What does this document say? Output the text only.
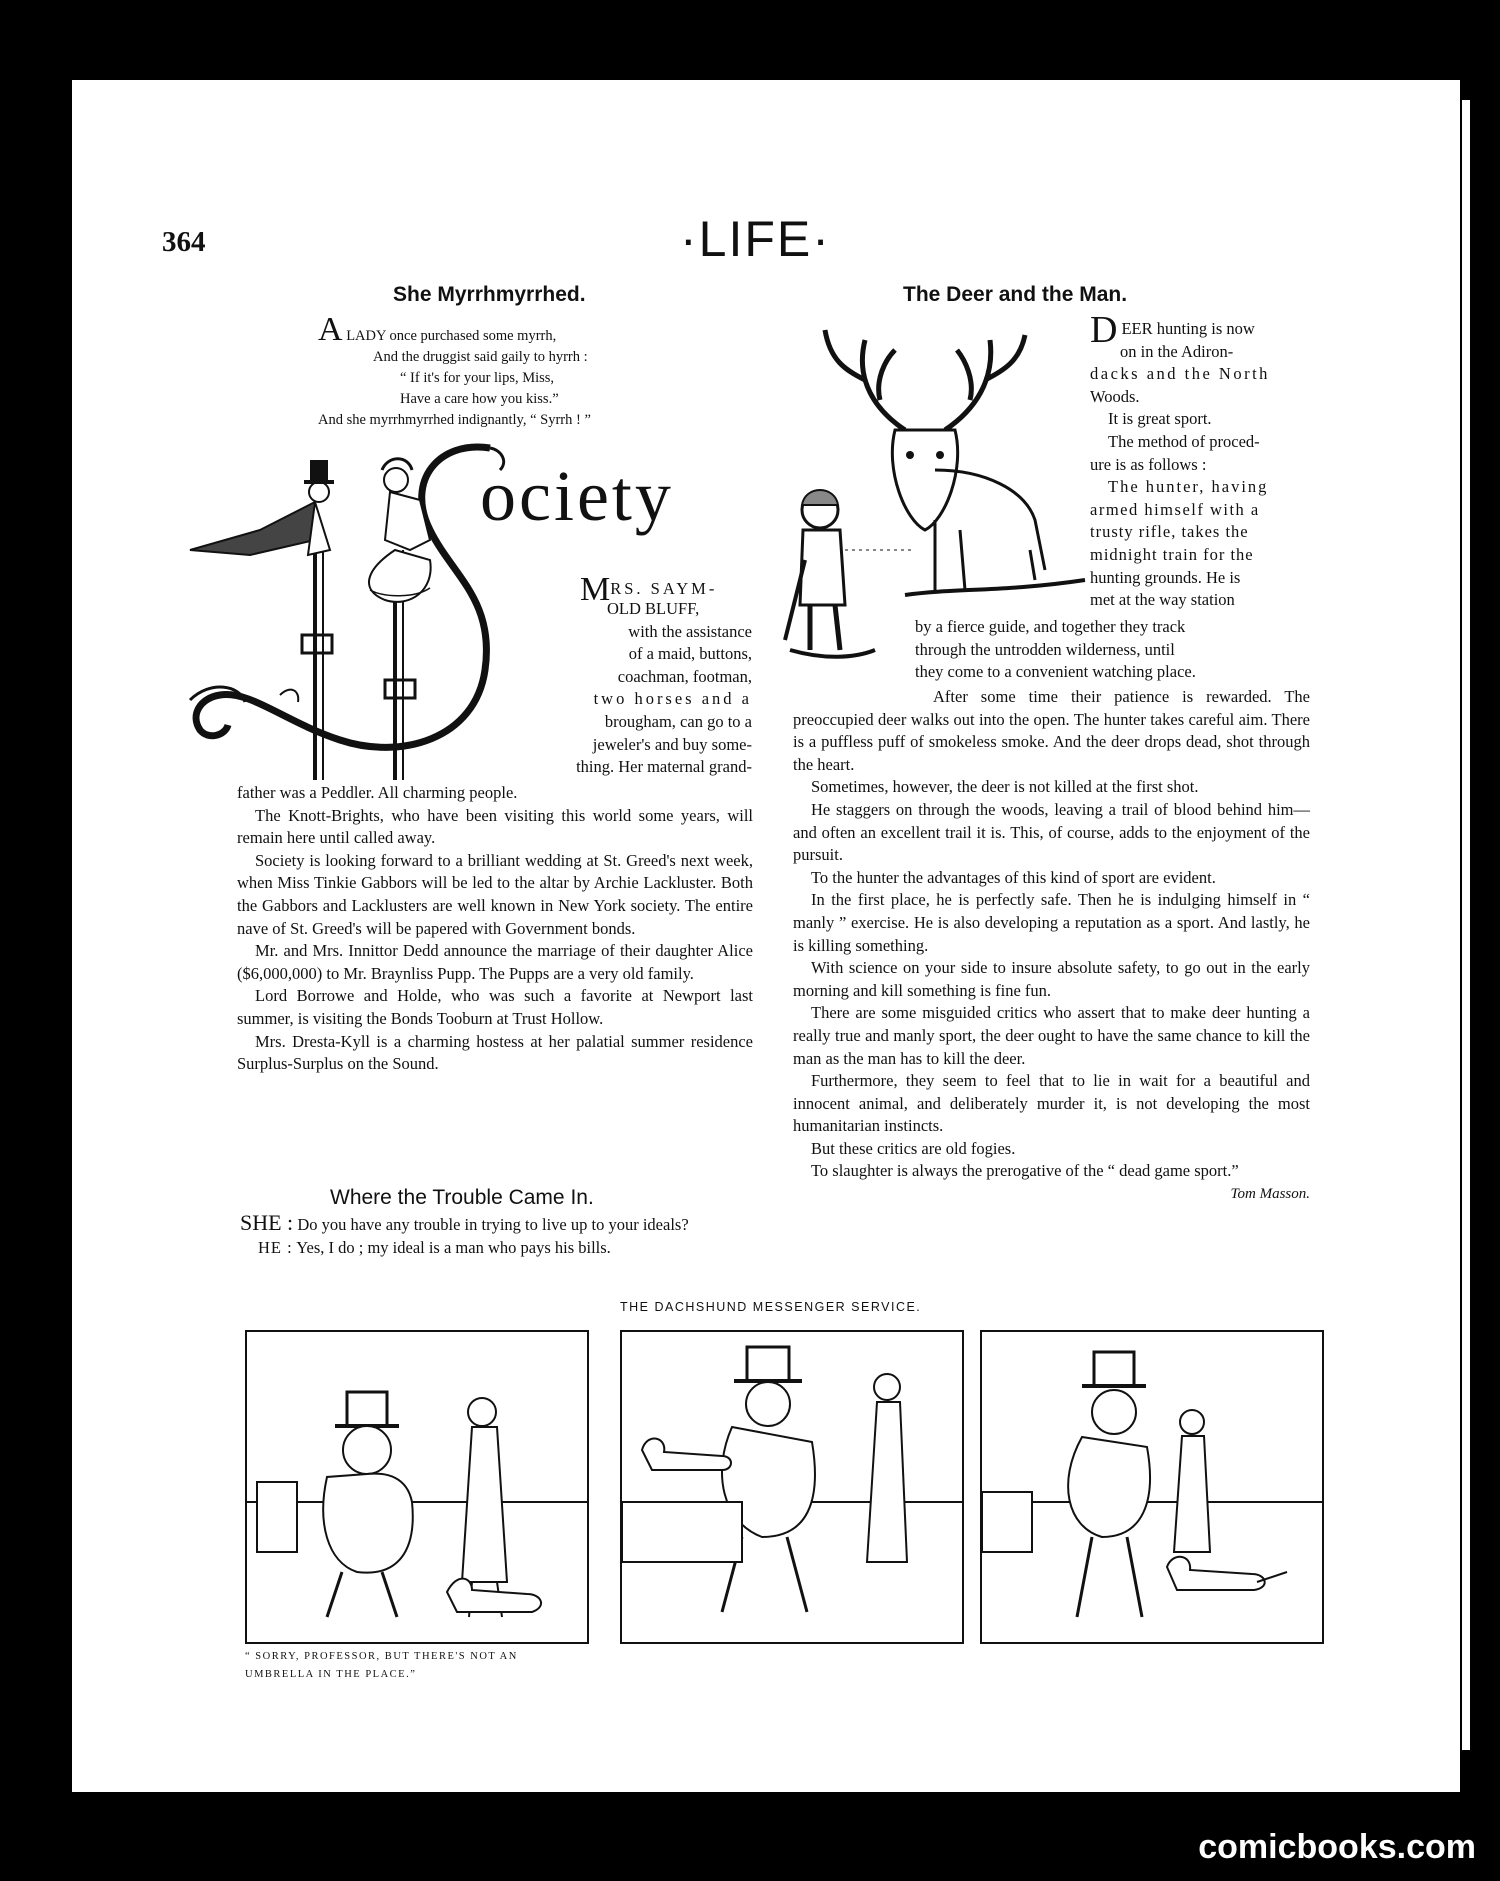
364	·LIFE·
She Myrrhmyrrhed.
A LADY once purchased some myrrh,
And the druggist said gaily to hyrrh :
“ If it's for your lips, Miss,
Have a care how you kiss.”
And she myrrhmyrrhed indignantly, “ Syrrh ! ”
ociety
MRS. SAYM-
OLD BLUFF,
with the assistance
of a maid, buttons,
coachman, footman,
two horses and a
brougham, can go to a
jeweler's and buy some-
thing. Her maternal grand-

father was a Peddler. All charming people.

The Knott-Brights, who have been visiting this world some years, will remain here until called away.

Society is looking forward to a brilliant wedding at St. Greed's next week, when Miss Tinkie Gabbors will be led to the altar by Archie Lackluster. Both the Gabbors and Lacklusters are well known in New York society. The entire nave of St. Greed's will be papered with Government bonds.

Mr. and Mrs. Innittor Dedd announce the marriage of their daughter Alice ($6,000,000) to Mr. Braynliss Pupp. The Pupps are a very old family.

Lord Borrowe and Holde, who was such a favorite at Newport last summer, is visiting the Bonds Tooburn at Trust Hollow.

Mrs. Dresta-Kyll is a charming hostess at her palatial summer residence Surplus-Surplus on the Sound.

Where the Trouble Came In.

SHE : Do you have any trouble in trying to live up to your ideals?

HE : Yes, I do ; my ideal is a man who pays his bills.

The Deer and the Man.
DEER hunting is now
on in the Adiron-
dacks and the North
Woods.
It is great sport.
The method of proced-
ure is as follows :
The hunter, having
armed himself with a
trusty rifle, takes the
midnight train for the
hunting grounds. He is
met at the way station
by a fierce guide, and together they track
through the untrodden wilderness, until
they come to a convenient watching place.

After some time their patience is rewarded. The preoccupied deer walks out into the open. The hunter takes careful aim. There is a puffless puff of smokeless smoke. And the deer drops dead, shot through the heart.

Sometimes, however, the deer is not killed at the first shot.

He staggers on through the woods, leaving a trail of blood behind him—and often an excellent trail it is. This, of course, adds to the enjoyment of the pursuit.

To the hunter the advantages of this kind of sport are evident.

In the first place, he is perfectly safe. Then he is indulging himself in “ manly ” exercise. He is also developing a reputation as a sport. And lastly, he is killing something.

With science on your side to insure absolute safety, to go out in the early morning and kill something is fine fun.

There are some misguided critics who assert that to make deer hunting a really true and manly sport, the deer ought to have the same chance to kill the man as the man has to kill the deer.

Furthermore, they seem to feel that to lie in wait for a beautiful and innocent animal, and deliberately murder it, is not developing the most humanitarian instincts.

But these critics are old fogies.

To slaughter is always the prerogative of the “ dead game sport.”
Tom Masson.

THE DACHSHUND MESSENGER SERVICE.
“ SORRY, PROFESSOR, BUT THERE'S NOT AN
UMBRELLA IN THE PLACE.”
comicbooks.com
